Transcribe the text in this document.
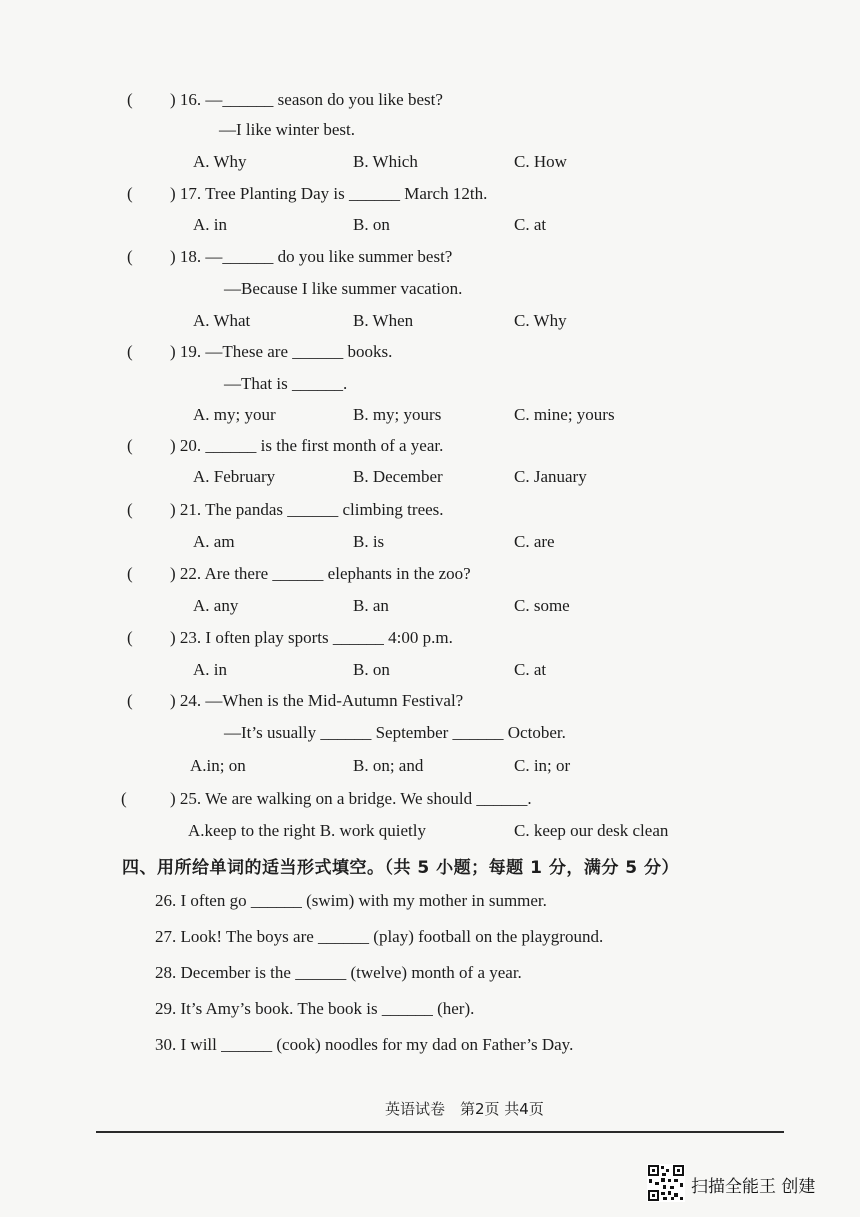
( ) 16. —______ season do you like best?
—I like winter best.
A. Why	B. Which	C. How
( ) 17. Tree Planting Day is ______ March 12th.
A. in	B. on	C. at
( ) 18. —______ do you like summer best?
—Because I like summer vacation.
A. What	B. When	C. Why
( ) 19. —These are ______ books.
—That is ______.
A. my; your	B. my; yours	C. mine; yours
( ) 20. ______ is the first month of a year.
A. February	B. December	C. January
( ) 21. The pandas ______ climbing trees.
A. am	B. is	C. are
( ) 22. Are there ______ elephants in the zoo?
A. any	B. an	C. some
( ) 23. I often play sports ______ 4:00 p.m.
A. in	B. on	C. at
( ) 24. —When is the Mid-Autumn Festival?
—It’s usually ______ September ______ October.
A.in; on	B. on; and	C. in; or
(	) 25. We are walking on a bridge. We should ______.
A.keep to the right B. work quietly	C. keep our desk clean
四、用所给单词的适当形式填空。（共 5 小题；每题 1 分，满分 5 分）
26. I often go ______ (swim) with my mother in summer.
27. Look! The boys are ______ (play) football on the playground.
28. December is the ______ (twelve) month of a year.
29. It’s Amy’s book. The book is ______ (her).
30. I will ______ (cook) noodles for my dad on Father’s Day.
英语试卷　第2页 共4页
扫描全能王 创建
